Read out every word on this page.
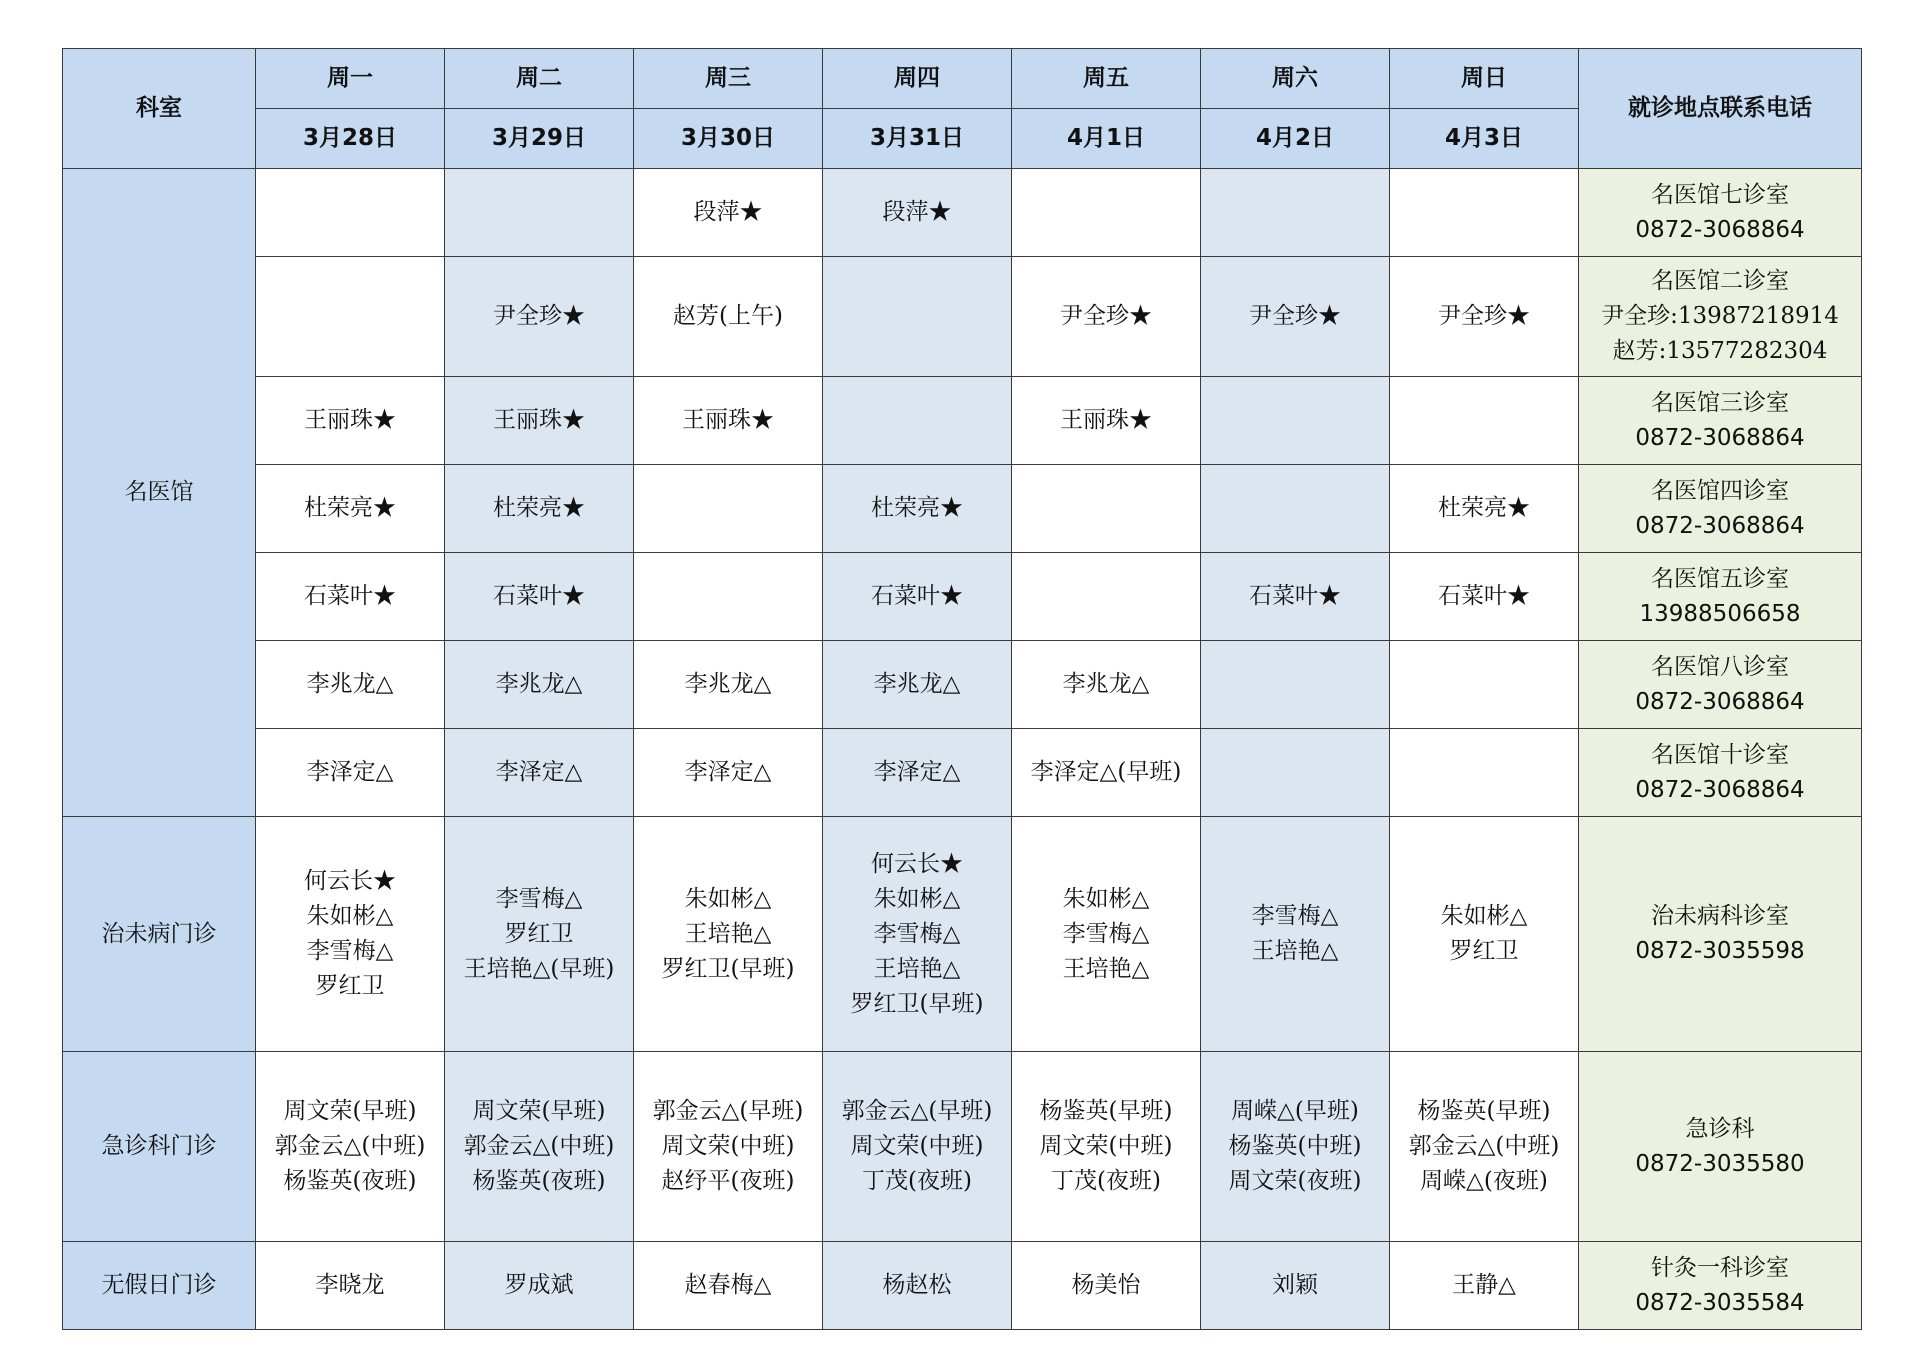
科室	周一	周二	周三	周四	周五	周六	周日	就诊地点联系电话
	3月28日	3月29日	3月30日	3月31日	4月1日	4月2日	4月3日	
名医馆			段萍★	段萍★				名医馆七诊室
0872-3068864

		尹全珍★	赵芳(上午)		尹全珍★	尹全珍★	尹全珍★	名医馆二诊室
尹全珍:13987218914
赵芳:13577282304

	王丽珠★	王丽珠★	王丽珠★		王丽珠★			名医馆三诊室
0872-3068864

	杜荣亮★	杜荣亮★		杜荣亮★			杜荣亮★	名医馆四诊室
0872-3068864

	石菜叶★	石菜叶★		石菜叶★		石菜叶★	石菜叶★	名医馆五诊室
13988506658

	李兆龙△	李兆龙△	李兆龙△	李兆龙△	李兆龙△			名医馆八诊室
0872-3068864

	李泽定△	李泽定△	李泽定△	李泽定△	李泽定△(早班)			名医馆十诊室
0872-3068864

治未病门诊	何云长★
朱如彬△
李雪梅△
罗红卫	李雪梅△
罗红卫
王培艳△(早班)	朱如彬△
王培艳△
罗红卫(早班)	何云长★
朱如彬△
李雪梅△
王培艳△
罗红卫(早班)	朱如彬△
李雪梅△
王培艳△	李雪梅△
王培艳△	朱如彬△
罗红卫	治未病科诊室
0872-3035598

急诊科门诊	周文荣(早班)
郭金云△(中班)
杨鉴英(夜班)	周文荣(早班)
郭金云△(中班)
杨鉴英(夜班)	郭金云△(早班)
周文荣(中班)
赵纾平(夜班)	郭金云△(早班)
周文荣(中班)
丁茂(夜班)	杨鉴英(早班)
周文荣(中班)
丁茂(夜班)	周嵘△(早班)
杨鉴英(中班)
周文荣(夜班)	杨鉴英(早班)
郭金云△(中班)
周嵘△(夜班)	急诊科
0872-3035580

无假日门诊	李晓龙	罗成斌	赵春梅△	杨赵松	杨美怡	刘颖	王静△	针灸一科诊室
0872-3035584
